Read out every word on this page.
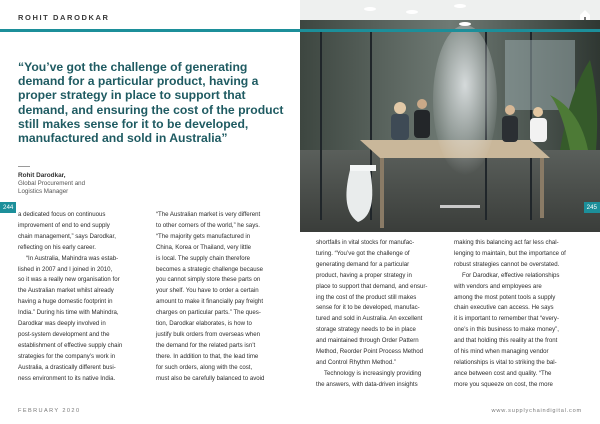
ROHIT DARODKAR
“You’ve got the challenge of generating demand for a particular product, having a proper strategy in place to support that demand, and ensuring the cost of the product still makes sense for it to be developed, manufactured and sold in Australia”
Rohit Darodkar,
Global Procurement and Logistics Manager
244	245

a dedicated focus on continuous

improvement of end to end supply

chain management,” says Darodkar,

reflecting on his early career.

“In Australia, Mahindra was estab-

lished in 2007 and I joined in 2010,

so it was a really new organisation for

the Australian market whilst already

having a huge domestic footprint in

India.” During his time with Mahindra,

Darodkar was deeply involved in

post-system development and the

establishment of effective supply chain

strategies for the company’s work in

Australia, a drastically different busi-

ness environment to its native India.

“The Australian market is very different

to other corners of the world,” he says.

“The majority gets manufactured in

China, Korea or Thailand, very little

is local. The supply chain therefore

becomes a strategic challenge because

you cannot simply store these parts on

your shelf. You have to order a certain

amount to make it financially pay freight

charges on particular parts.” The ques-

tion, Darodkar elaborates, is how to

justify bulk orders from overseas when

the demand for the related parts isn’t

there. In addition to that, the lead time

for such orders, along with the cost,

must also be carefully balanced to avoid

shortfalls in vital stocks for manufac-

turing. “You’ve got the challenge of

generating demand for a particular

product, having a proper strategy in

place to support that demand, and ensur-

ing the cost of the product still makes

sense for it to be developed, manufac-

tured and sold in Australia. An excellent

storage strategy needs to be in place

and maintained through Order Pattern

Method, Reorder Point Process Method

and Control Rhythm Method.”

Technology is increasingly providing

the answers, with data-driven insights

making this balancing act far less chal-

lenging to maintain, but the importance of

robust strategies cannot be overstated.

For Darodkar, effective relationships

with vendors and employees are

among the most potent tools a supply

chain executive can access. He says

it is important to remember that “every-

one’s in this business to make money”,

and that holding this reality at the front

of his mind when managing vendor

relationships is vital to striking the bal-

ance between cost and quality. “The

more you squeeze on cost, the more

FEBRUARY 2020	www.supplychaindigital.com
